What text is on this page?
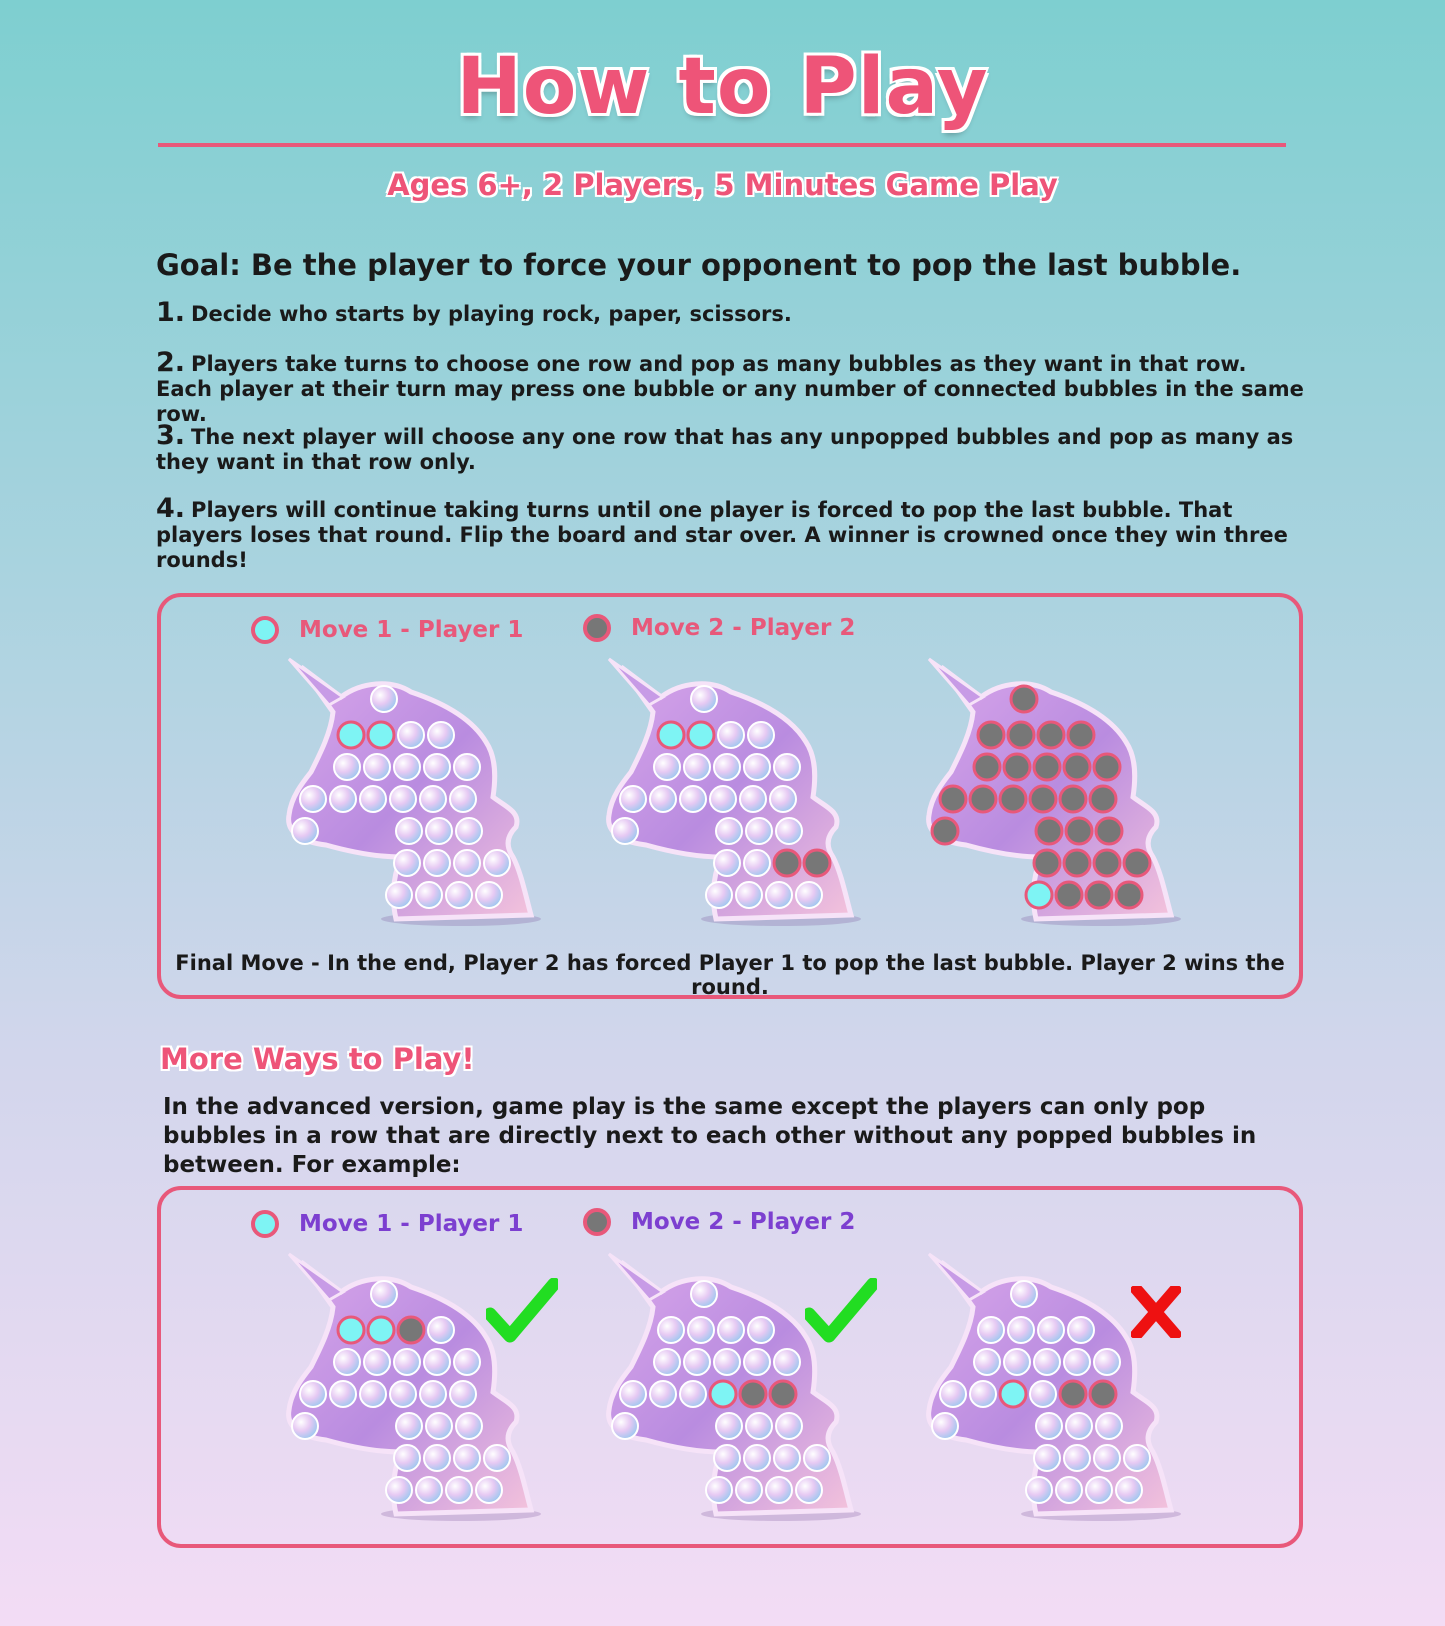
How to Play
Ages 6+, 2 Players, 5 Minutes Game Play
Goal: Be the player to force your opponent to pop the last bubble.
1. Decide who starts by playing rock, paper, scissors.
2. Players take turns to choose one row and pop as many bubbles as they want in that row. Each player at their turn may press one bubble or any number of connected bubbles in the same row.
3. The next player will choose any one row that has any unpopped bubbles and pop as many as they want in that row only.
4. Players will continue taking turns until one player is forced to pop the last bubble. That players loses that round. Flip the board and star over. A winner is crowned once they win three rounds!
Move 1 - Player 1	Move 2 - Player 2
Final Move - In the end, Player 2 has forced Player 1 to pop the last bubble. Player 2 wins the round.
More Ways to Play!
In the advanced version, game play is the same except the players can only pop bubbles in a row that are directly next to each other without any popped bubbles in between. For example:
Move 1 - Player 1	Move 2 - Player 2
